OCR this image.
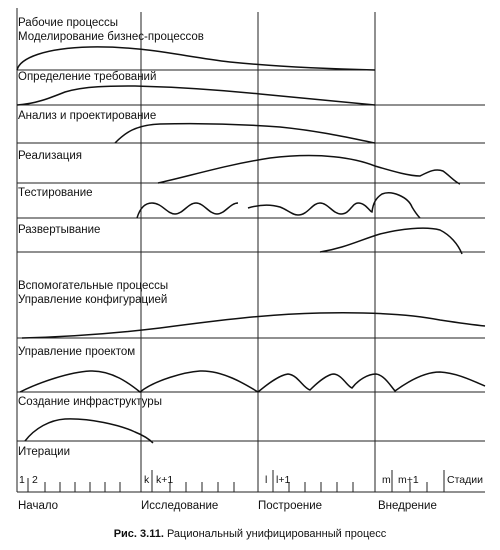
Рабочие процессы
Моделирование бизнес-процессов
Определение требований
Анализ и проектирование
Реализация
Тестирование
Развертывание
Вспомогательные процессы
Управление конфигурацией
Управление проектом
Создание инфраструктуры
Итерации
1 2	k k+1	l l+1	m m+1	Стадии
Начало	Исследование	Построение	Внедрение
Рис. 3.11. Рациональный унифицированный процесс
